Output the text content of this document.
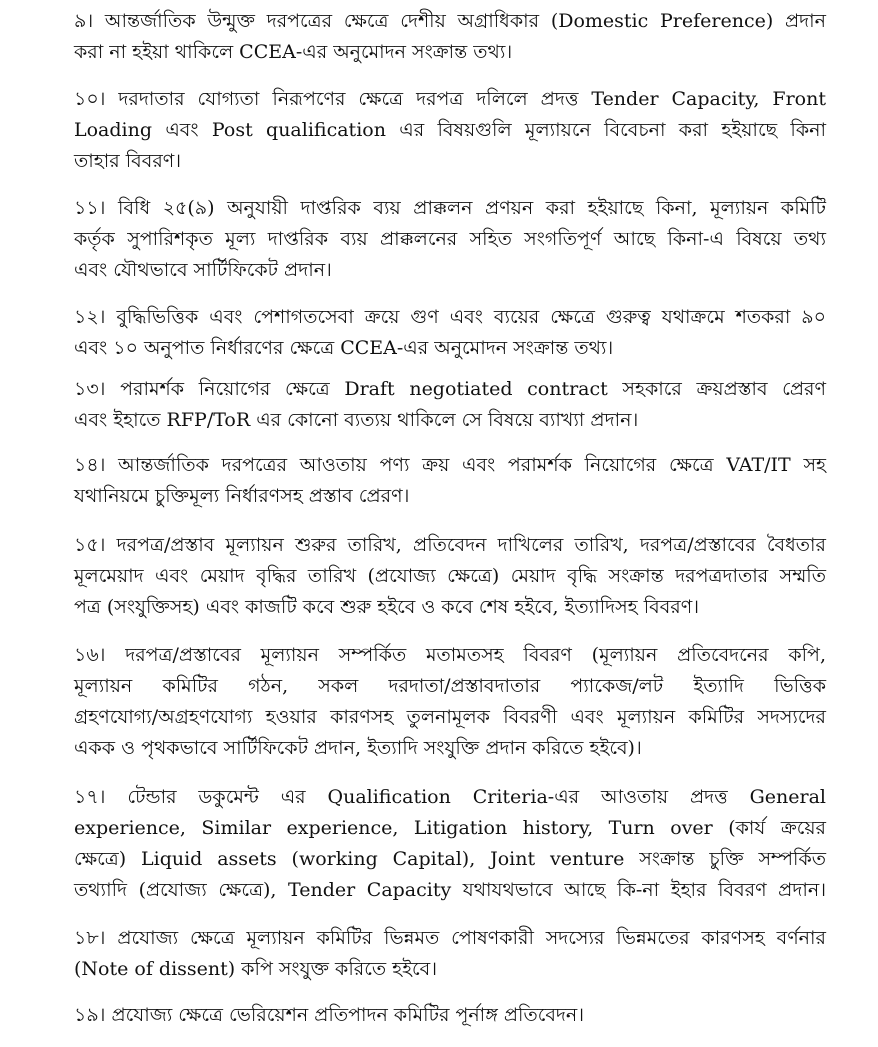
৯। আন্তর্জাতিক উন্মুক্ত দরপত্রের ক্ষেত্রে দেশীয় অগ্রাধিকার (Domestic Preference) প্রদান
করা না হইয়া থাকিলে CCEA-এর অনুমোদন সংক্রান্ত তথ্য।
১০। দরদাতার যোগ্যতা নিরূপণের ক্ষেত্রে দরপত্র দলিলে প্রদত্ত Tender Capacity, Front
Loading এবং Post qualification এর বিষয়গুলি মূল্যায়নে বিবেচনা করা হইয়াছে কিনা
তাহার বিবরণ।
১১। বিধি ২৫(৯) অনুযায়ী দাপ্তরিক ব্যয় প্রাক্কলন প্রণয়ন করা হইয়াছে কিনা, মূল্যায়ন কমিটি
কর্তৃক সুপারিশকৃত মূল্য দাপ্তরিক ব্যয় প্রাক্কলনের সহিত সংগতিপূর্ণ আছে কিনা-এ বিষয়ে তথ্য
এবং যৌথভাবে সার্টিফিকেট প্রদান।
১২। বুদ্ধিভিত্তিক এবং পেশাগতসেবা ক্রয়ে গুণ এবং ব্যয়ের ক্ষেত্রে গুরুত্ব যথাক্রমে শতকরা ৯০
এবং ১০ অনুপাত নির্ধারণের ক্ষেত্রে CCEA-এর অনুমোদন সংক্রান্ত তথ্য।
১৩। পরামর্শক নিয়োগের ক্ষেত্রে Draft negotiated contract সহকারে ক্রয়প্রস্তাব প্রেরণ
এবং ইহাতে RFP/ToR এর কোনো ব্যত্যয় থাকিলে সে বিষয়ে ব্যাখ্যা প্রদান।
১৪। আন্তর্জাতিক দরপত্রের আওতায় পণ্য ক্রয় এবং পরামর্শক নিয়োগের ক্ষেত্রে VAT/IT সহ
যথানিয়মে চুক্তিমূল্য নির্ধারণসহ প্রস্তাব প্রেরণ।
১৫। দরপত্র/প্রস্তাব মূল্যায়ন শুরুর তারিখ, প্রতিবেদন দাখিলের তারিখ, দরপত্র/প্রস্তাবের বৈধতার
মূলমেয়াদ এবং মেয়াদ বৃদ্ধির তারিখ (প্রযোজ্য ক্ষেত্রে) মেয়াদ বৃদ্ধি সংক্রান্ত দরপত্রদাতার সম্মতি
পত্র (সংযুক্তিসহ) এবং কাজটি কবে শুরু হইবে ও কবে শেষ হইবে, ইত্যাদিসহ বিবরণ।
১৬। দরপত্র/প্রস্তাবের মূল্যায়ন সম্পর্কিত মতামতসহ বিবরণ (মূল্যায়ন প্রতিবেদনের কপি,
মূল্যায়ন কমিটির গঠন, সকল দরদাতা/প্রস্তাবদাতার প্যাকেজ/লট ইত্যাদি ভিত্তিক
গ্রহণযোগ্য/অগ্রহণযোগ্য হওয়ার কারণসহ তুলনামূলক বিবরণী এবং মূল্যায়ন কমিটির সদস্যদের
একক ও পৃথকভাবে সার্টিফিকেট প্রদান, ইত্যাদি সংযুক্তি প্রদান করিতে হইবে)।
১৭। টেন্ডার ডকুমেন্ট এর Qualification Criteria-এর আওতায় প্রদত্ত General
experience, Similar experience, Litigation history, Turn over (কার্য ক্রয়ের
ক্ষেত্রে) Liquid assets (working Capital), Joint venture সংক্রান্ত চুক্তি সম্পর্কিত
তথ্যাদি (প্রযোজ্য ক্ষেত্রে), Tender Capacity যথাযথভাবে আছে কি-না ইহার বিবরণ প্রদান।
১৮। প্রযোজ্য ক্ষেত্রে মূল্যায়ন কমিটির ভিন্নমত পোষণকারী সদস্যের ভিন্নমতের কারণসহ বর্ণনার
(Note of dissent) কপি সংযুক্ত করিতে হইবে।
১৯। প্রযোজ্য ক্ষেত্রে ভেরিয়েশন প্রতিপাদন কমিটির পূর্নাঙ্গ প্রতিবেদন।
